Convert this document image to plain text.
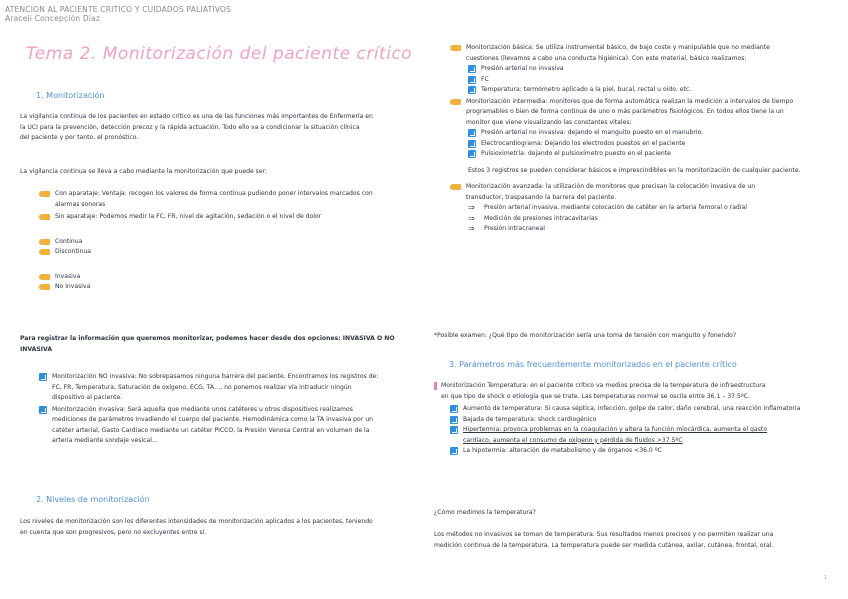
ATENCION AL PACIENTE CRITICO Y CUIDADOS PALIATIVOS
Araceli Concepción Díaz
Tema 2. Monitorización del paciente crítico
1. Monitorización
La vigilancia continua de los pacientes en estado crítico es una de las funciones más importantes de Enfermería en
la UCI para la prevención, detección precoz y la rápida actuación. Todo ello va a condicionar la situación clínica
del paciente y por tanto, el pronóstico.
La vigilancia continua se lleva a cabo mediante la monitorización que puede ser:
Con aparataje: Ventaja: recogen los valores de forma continua pudiendo poner intervalos marcados con
alarmas sonoras
Sin aparataje: Podemos medir la FC, FR, nivel de agitación, sedación o el nivel de dolor
Continua
Discontinua
Invasiva
No invasiva
Para registrar la información que queremos monitorizar, podemos hacer desde dos opciones: INVASIVA O NO
INVASIVA
Monitorización NO invasiva: No sobrepasamos ninguna barrera del paciente. Encontramos los registros de:
FC, FR, Temperatura, Saturación de oxígeno, ECG, TA…, no ponemos realizar vía intraducir ningún
dispositivo al paciente.
Monitorización invasiva: Será aquella que mediante unos catéteres u otros dispositivos realizamos
mediciones de parámetros invadiendo el cuerpo del paciente. Hemodinámica como la TA invasiva por un
catéter arterial, Gasto Cardíaco mediante un catéter PICCO, la Presión Venosa Central en volumen de la
arteria mediante sondaje vesical…
2. Niveles de monitorización
Los niveles de monitorización son los diferentes intensidades de monitorización aplicados a los pacientes, teniendo
en cuenta que son progresivos, pero no excluyentes entre sí.
Monitorización básica: Se utiliza instrumental básico, de bajo coste y manipulable que no mediante
cuestiones (llevamos a cabo una conducta higiénica). Con este material, básico realizamos:
Presión arterial no invasiva
FC
Temperatura: termómetro aplicado a la piel, bucal, rectal u oído. etc.
Monitorización intermedia: monitores que de forma automática realizan la medición a intervalos de tiempo
programables o bien de forma continua de uno o más parámetros fisiológicos. En todos ellos tiene la un
monitor que viene visualizando las constantes vitales:
Presión arterial no invasiva: dejando el manguito puesto en el manubrio.
Electrocardiograma: Dejando los electrodos puestos en el paciente
Pulsioximetría: dejando el pulsioxímetro puesto en el paciente
Estos 3 registros se pueden considerar básicos e imprescindibles en la monitorización de cualquier paciente.
Monitorización avanzada: la utilización de monitores que precisan la colocación invasiva de un
transductor, traspasando la barrera del paciente.
⇒	Presión arterial invasiva, mediante colocación de catéter en la arteria femoral o radial
⇒	Medición de presiones intracavitarias
⇒	Presión intracraneal
*Posible examen: ¿Qué tipo de monitorización sería una toma de tensión con manguito y fonendo?
3. Parámetros más frecuentemente monitorizados en el paciente crítico
Monitorización Temperatura: en el paciente crítico va medios precisa de la temperatura de infraestructura
en que tipo de shock o etiología que se trate. Las temperaturas normal se oscila entre 36.1 – 37.5ºC.
Aumento de temperatura: Si causa séptica, infección, golpe de calor, daño cerebral, una reacción inflamatoria
Bajada de temperatura: shock cardiogénico
Hipertermia: provoca problemas en la coagulación y altera la función miocárdica, aumenta el gasto
cardíaco, aumenta el consumo de oxígeno y pérdida de fluidos >37.5ºC
La hipotermia: alteración de metabolismo y de órganos <36.0 ºC
¿Cómo medimos la temperatura?
Los métodos no invasivos se toman de temperatura. Sus resultados menos precisos y no permiten realizar una
medición continua de la temperatura. La temperatura puede ser medida cutánea, axilar, cutánea, frontal, oral.
1
